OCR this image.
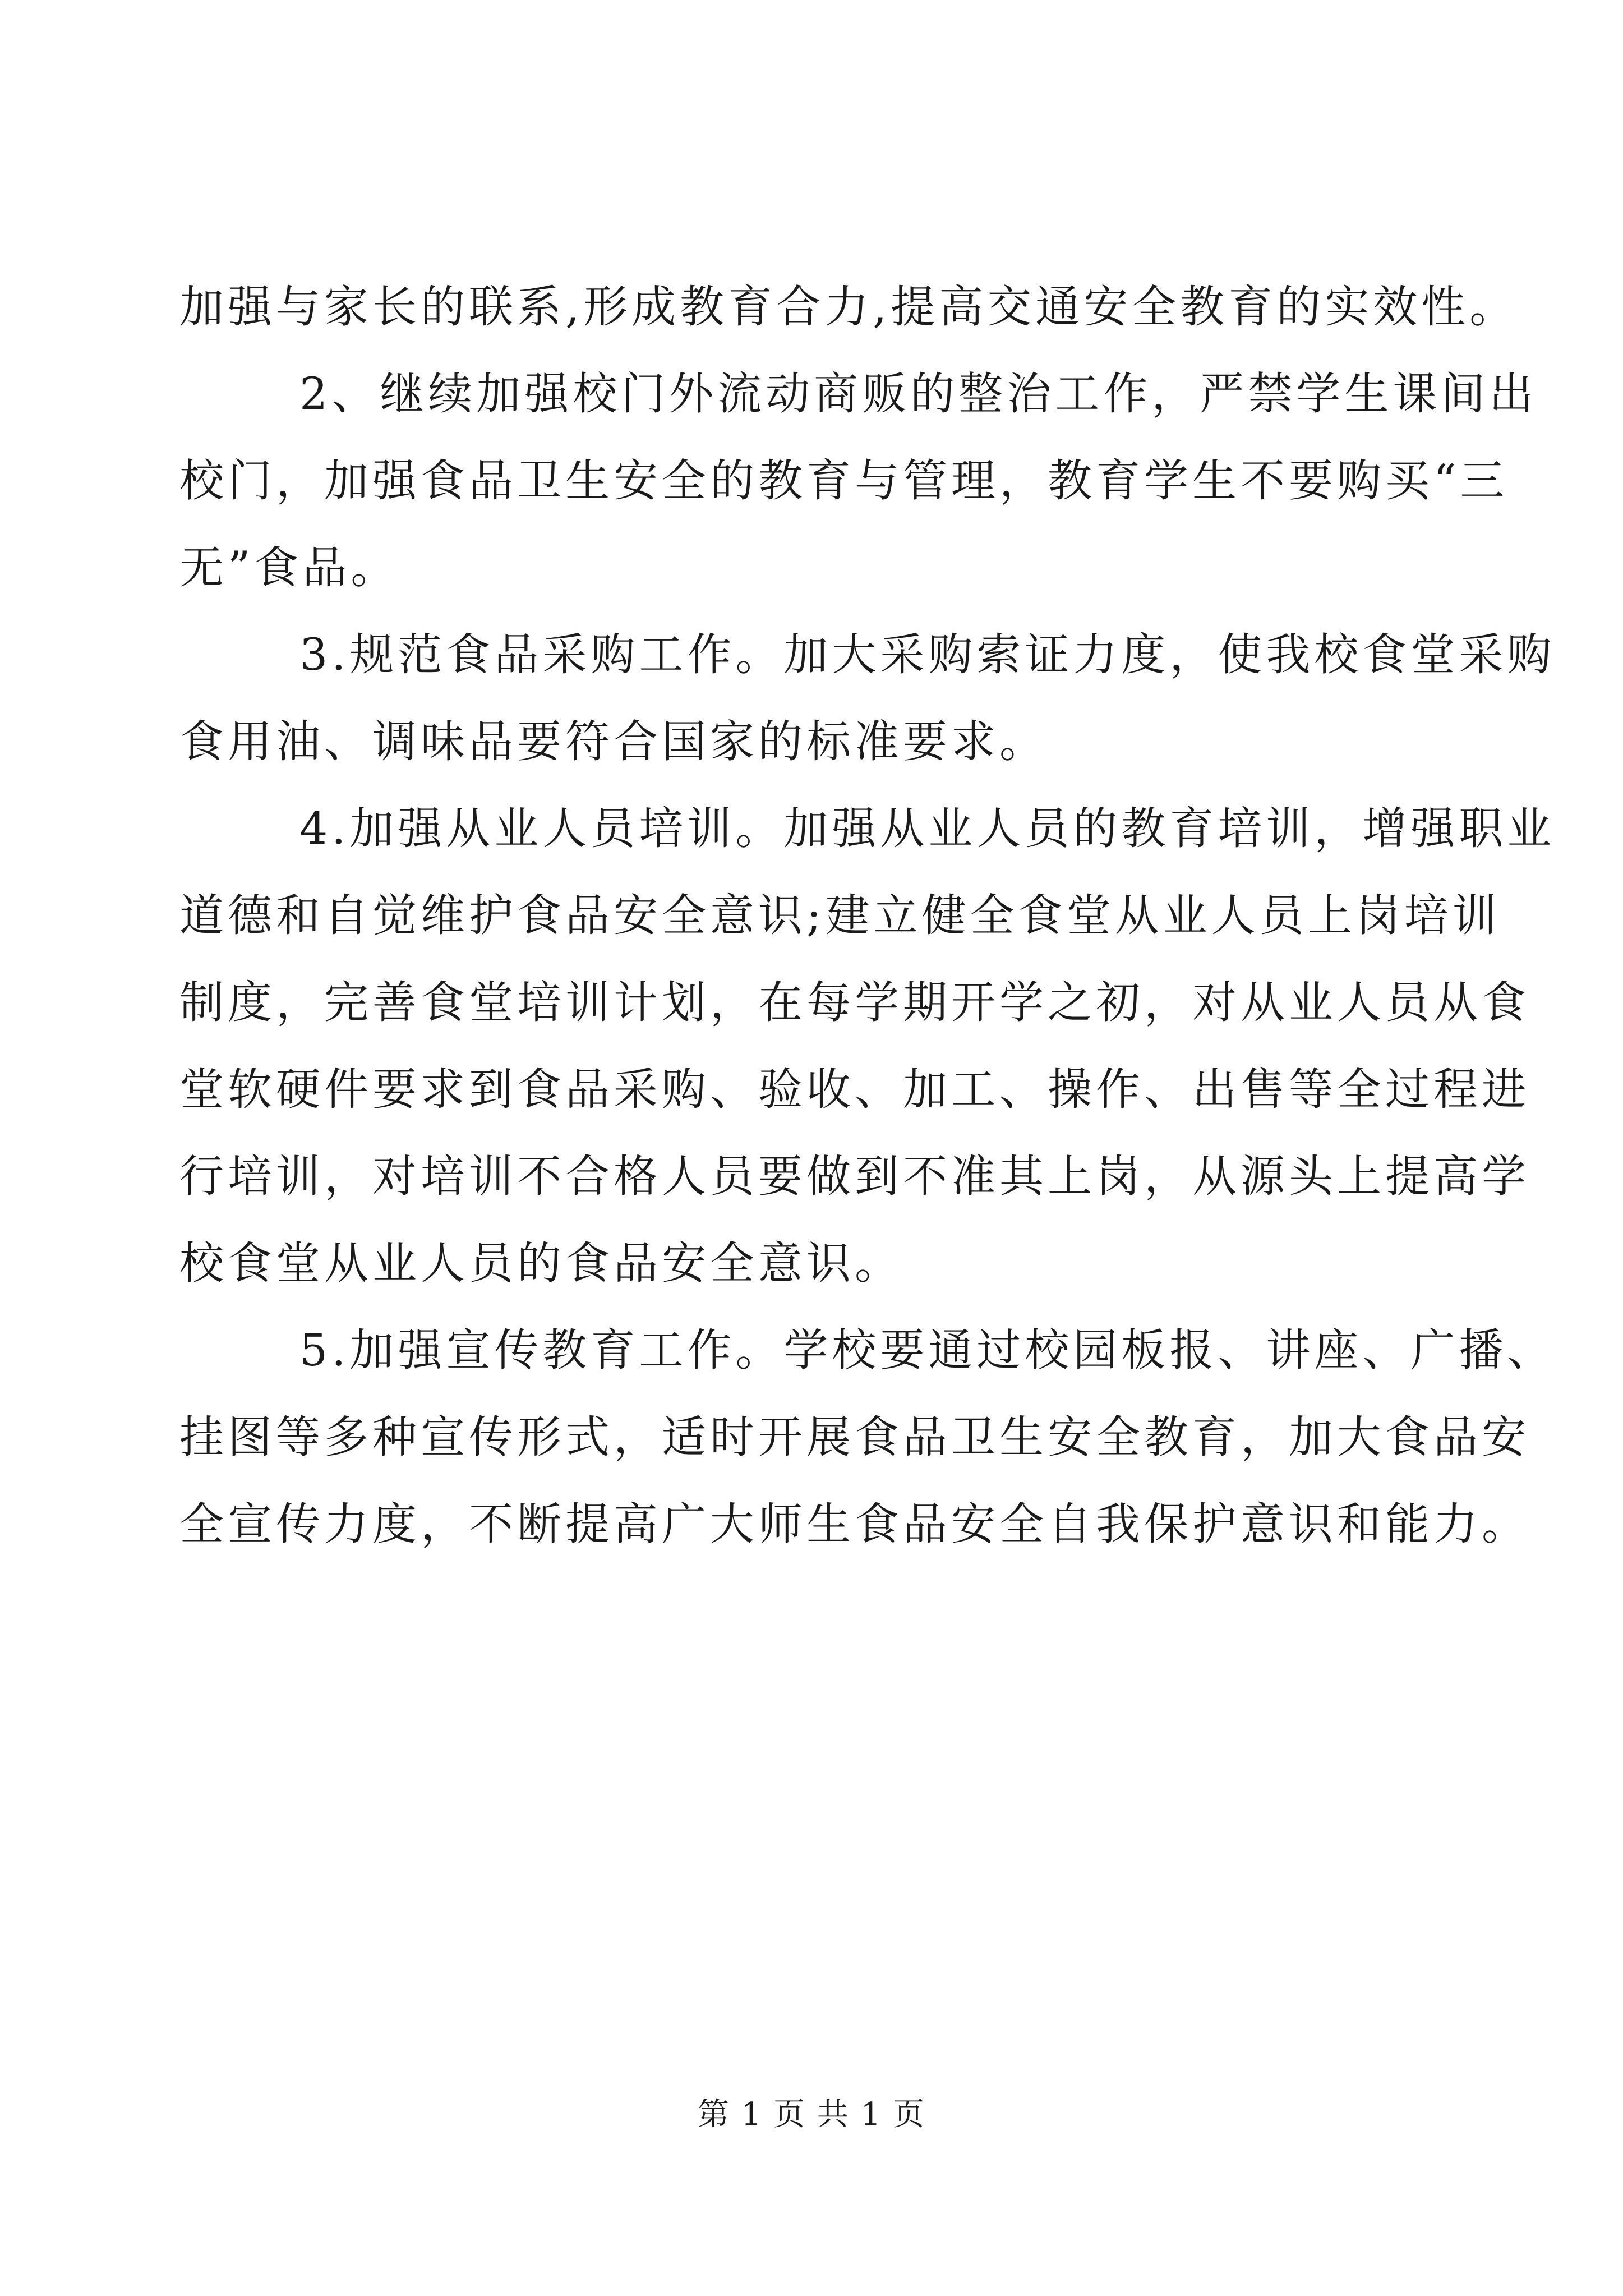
加强与家长的联系,形成教育合力,提高交通安全教育的实效性。
2、继续加强校门外流动商贩的整治工作，严禁学生课间出
校门，加强食品卫生安全的教育与管理，教育学生不要购买“三
无”食品。
3.规范食品采购工作。加大采购索证力度，使我校食堂采购
食用油、调味品要符合国家的标准要求。
4.加强从业人员培训。加强从业人员的教育培训，增强职业
道德和自觉维护食品安全意识;建立健全食堂从业人员上岗培训
制度，完善食堂培训计划，在每学期开学之初，对从业人员从食
堂软硬件要求到食品采购、验收、加工、操作、出售等全过程进
行培训，对培训不合格人员要做到不准其上岗，从源头上提高学
校食堂从业人员的食品安全意识。
5.加强宣传教育工作。学校要通过校园板报、讲座、广播、
挂图等多种宣传形式，适时开展食品卫生安全教育，加大食品安
全宣传力度，不断提高广大师生食品安全自我保护意识和能力。
第 1 页 共 1 页
